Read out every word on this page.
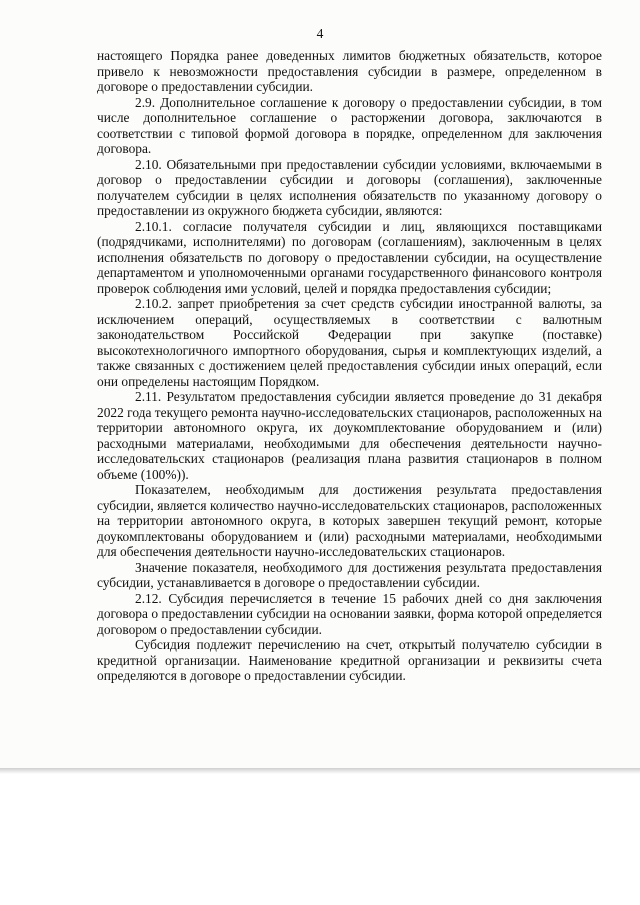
4

настоящего Порядка ранее доведенных лимитов бюджетных обязательств, которое привело к невозможности предоставления субсидии в размере, определенном в договоре о предоставлении субсидии.

2.9. Дополнительное соглашение к договору о предоставлении субсидии, в том числе дополнительное соглашение о расторжении договора, заключаются в соответствии с типовой формой договора в порядке, определенном для заключения договора.

2.10. Обязательными при предоставлении субсидии условиями, включаемыми в договор о предоставлении субсидии и договоры (соглашения), заключенные получателем субсидии в целях исполнения обязательств по указанному договору о предоставлении из окружного бюджета субсидии, являются:

2.10.1. согласие получателя субсидии и лиц, являющихся поставщиками (подрядчиками, исполнителями) по договорам (соглашениям), заключенным в целях исполнения обязательств по договору о предоставлении субсидии, на осуществление департаментом и уполномоченными органами государственного финансового контроля проверок соблюдения ими условий, целей и порядка предоставления субсидии;

2.10.2. запрет приобретения за счет средств субсидии иностранной валюты, за исключением операций, осуществляемых в соответствии с валютным законодательством Российской Федерации при закупке (поставке) высокотехнологичного импортного оборудования, сырья и комплектующих изделий, а также связанных с достижением целей предоставления субсидии иных операций, если они определены настоящим Порядком.

2.11. Результатом предоставления субсидии является проведение до 31 декабря 2022 года текущего ремонта научно-исследовательских стационаров, расположенных на территории автономного округа, их доукомплектование оборудованием и (или) расходными материалами, необходимыми для обеспечения деятельности научно-исследовательских стационаров (реализация плана развития стационаров в полном объеме (100%)).

Показателем, необходимым для достижения результата предоставления субсидии, является количество научно-исследовательских стационаров, расположенных на территории автономного округа, в которых завершен текущий ремонт, которые доукомплектованы оборудованием и (или) расходными материалами, необходимыми для обеспечения деятельности научно-исследовательских стационаров.

Значение показателя, необходимого для достижения результата предоставления субсидии, устанавливается в договоре о предоставлении субсидии.

2.12. Субсидия перечисляется в течение 15 рабочих дней со дня заключения договора о предоставлении субсидии на основании заявки, форма которой определяется договором о предоставлении субсидии.

Субсидия подлежит перечислению на счет, открытый получателю субсидии в кредитной организации. Наименование кредитной организации и реквизиты счета определяются в договоре о предоставлении субсидии.
